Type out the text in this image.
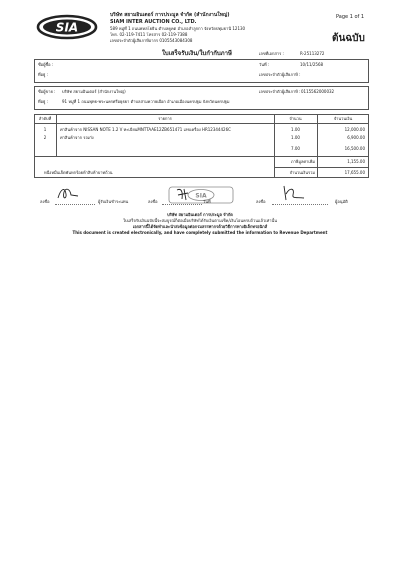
SIA
บริษัท สยามอินเตอร์ การประมูล จำกัด (สำนักงานใหญ่)
SIAM INTER AUCTION CO., LTD.
589 หมู่ที่ 1 ถนนพหลโยธิน ตำบลคูคต อำเภอลำลูกกา จังหวัดปทุมธานี 12130
โทร. 02-119-7411 โทรสาร 02-119-7388
เลขประจำตัวผู้เสียภาษีอากร 0105543084308
Page 1 of 1
ต้นฉบับ
ใบเสร็จรับเงิน/ใบกำกับภาษี	เลขที่เอกสาร :	R-25113272
ชื่อผู้ซื้อ :
ที่อยู่ :
วันที่ :	10/11/2568
เลขประจำตัวผู้เสียภาษี :
ชื่อผู้ขาย : บริษัท สยามอินเตอร์ (สำนักงานใหญ่)
ที่อยู่ :	91 หมู่ที่ 1 ถนนพุทธ-พระนครศรีอยุธยา ตำบลสามควายเผือก อำเภอเมืองนครปฐม จังหวัดนครปฐม
เลขประจำตัวผู้เสียภาษี : 0115562000032
ลำดับที่	รายการ	จำนวน	จำนวนเงิน
1	ค่าสินค้าจาก NISSAN NOTE 1.2 V ทะเบียนMNTTAAE12ZB651471 เลขเครื่อง HR12344426C	1.00	12,000.00
2	ค่าสินค้าจาก รถเก๋ง	1.00	6,900.00
7.00	16,500.00
ภาษีมูลค่าเพิ่ม	1,155.00
หนึ่งหมื่นเจ็ดพันหกร้อยห้าสิบห้าบาทถ้วน	จำนวนเงินรวม	17,655.00
SIA
ลงชื่อ	ผู้รับเงินชำระแทน	ลงชื่อ	วันที่	ลงชื่อ	ผู้อนุมัติ
บริษัท สยามอินเตอร์ การประมูล จำกัด
ใบเสร็จรับเงินฉบับนี้จะสมบูรณ์ก็ต่อเมื่อบริษัทได้รับเงินตามเช็ค/เงินโอนครบถ้วนแล้วเท่านั้น
เอกสารนี้ได้จัดทำและนำส่งข้อมูลต่อกรมสรรพากรด้วยวิธีการทางอิเล็กทรอนิกส์
This document is created electronically, and have completely submitted the information to Revenue Department
